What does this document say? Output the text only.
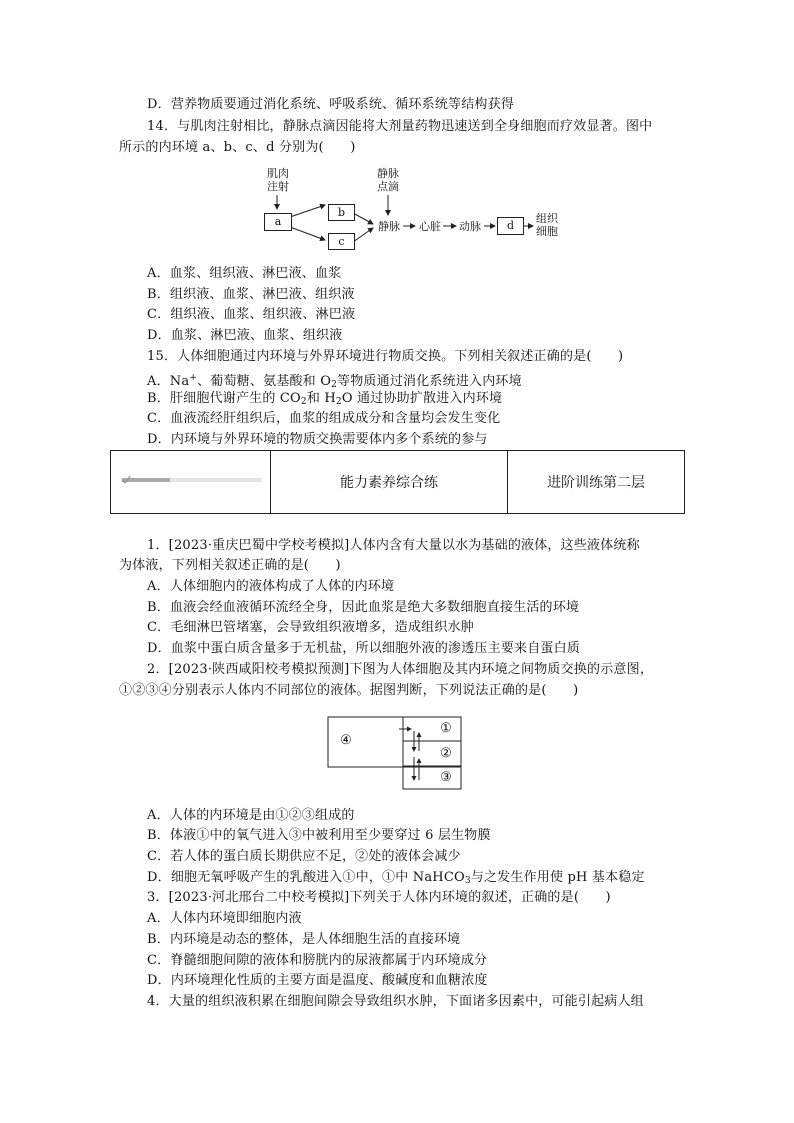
D．营养物质要通过消化系统、呼吸系统、循环系统等结构获得
14．与肌肉注射相比，静脉点滴因能将大剂量药物迅速送到全身细胞而疗效显著。图中
所示的内环境 a、b、c、d 分别为(　　)
肌肉
注射
静脉
点滴
a
b
c
静脉	心脏 动脉	d
组织
细胞
A．血浆、组织液、淋巴液、血浆
B．组织液、血浆、淋巴液、组织液
C．组织液、血浆、组织液、淋巴液
D．血浆、淋巴液、血浆、组织液
15．人体细胞通过内环境与外界环境进行物质交换。下列相关叙述正确的是(　　)
A．Na+、葡萄糖、氨基酸和 $O_2$等物质通过消化系统进入内环境
B．肝细胞代谢产生的 $CO_2$和 $H_2O$ 通过协助扩散进入内环境
C．血液流经肝组织后，血浆的组成成分和含量均会发生变化
D．内环境与外界环境的物质交换需要体内多个系统的参与
	能力素养综合练	进阶训练第二层
1．[2023·重庆巴蜀中学校考模拟]人体内含有大量以水为基础的液体，这些液体统称
为体液，下列相关叙述正确的是(　　)
A．人体细胞内的液体构成了人体的内环境
B．血液会经血液循环流经全身，因此血浆是绝大多数细胞直接生活的环境
C．毛细淋巴管堵塞，会导致组织液增多，造成组织水肿
D．血浆中蛋白质含量多于无机盐，所以细胞外液的渗透压主要来自蛋白质
2．[2023·陕西咸阳校考模拟预测]下图为人体细胞及其内环境之间物质交换的示意图，
①②③④分别表示人体内不同部位的液体。据图判断，下列说法正确的是(　　)
④
①
②
③
A．人体的内环境是由①②③组成的
B．体液①中的氧气进入③中被利用至少要穿过 6 层生物膜
C．若人体的蛋白质长期供应不足，②处的液体会减少
D．细胞无氧呼吸产生的乳酸进入①中，①中 NaHCO$_3$与之发生作用使 pH 基本稳定
3．[2023·河北邢台二中校考模拟]下列关于人体内环境的叙述，正确的是(　　)
A．人体内环境即细胞内液
B．内环境是动态的整体，是人体细胞生活的直接环境
C．脊髓细胞间隙的液体和膀胱内的尿液都属于内环境成分
D．内环境理化性质的主要方面是温度、酸碱度和血糖浓度
4．大量的组织液积累在细胞间隙会导致组织水肿，下面诸多因素中，可能引起病人组
